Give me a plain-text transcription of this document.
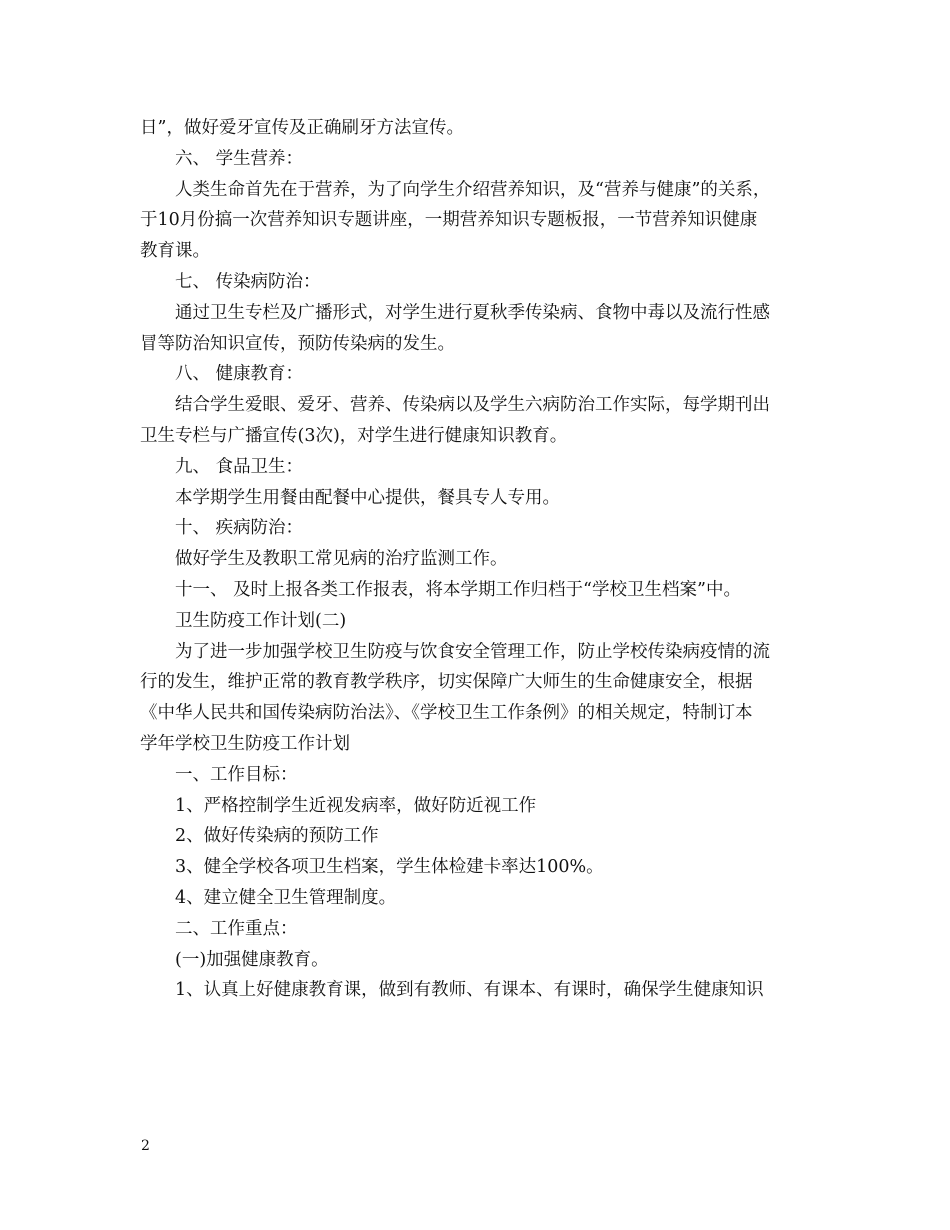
日”，做好爱牙宣传及正确刷牙方法宣传。

六、 学生营养：

人类生命首先在于营养，为了向学生介绍营养知识，及“营养与健康”的关系，

于10月份搞一次营养知识专题讲座，一期营养知识专题板报，一节营养知识健康

教育课。

七、 传染病防治：

通过卫生专栏及广播形式，对学生进行夏秋季传染病、食物中毒以及流行性感

冒等防治知识宣传，预防传染病的发生。

八、 健康教育：

结合学生爱眼、爱牙、营养、传染病以及学生六病防治工作实际，每学期刊出

卫生专栏与广播宣传(3次)，对学生进行健康知识教育。

九、 食品卫生：

本学期学生用餐由配餐中心提供，餐具专人专用。

十、 疾病防治：

做好学生及教职工常见病的治疗监测工作。

十一、 及时上报各类工作报表，将本学期工作归档于“学校卫生档案”中。

卫生防疫工作计划(二)

为了进一步加强学校卫生防疫与饮食安全管理工作，防止学校传染病疫情的流

行的发生，维护正常的教育教学秩序，切实保障广大师生的生命健康安全，根据

《中华人民共和国传染病防治法》、《学校卫生工作条例》的相关规定，特制订本

学年学校卫生防疫工作计划

一、工作目标：

1、严格控制学生近视发病率，做好防近视工作

2、做好传染病的预防工作

3、健全学校各项卫生档案，学生体检建卡率达100%。

4、建立健全卫生管理制度。

二、工作重点：

(一)加强健康教育。

1、认真上好健康教育课，做到有教师、有课本、有课时，确保学生健康知识

2
